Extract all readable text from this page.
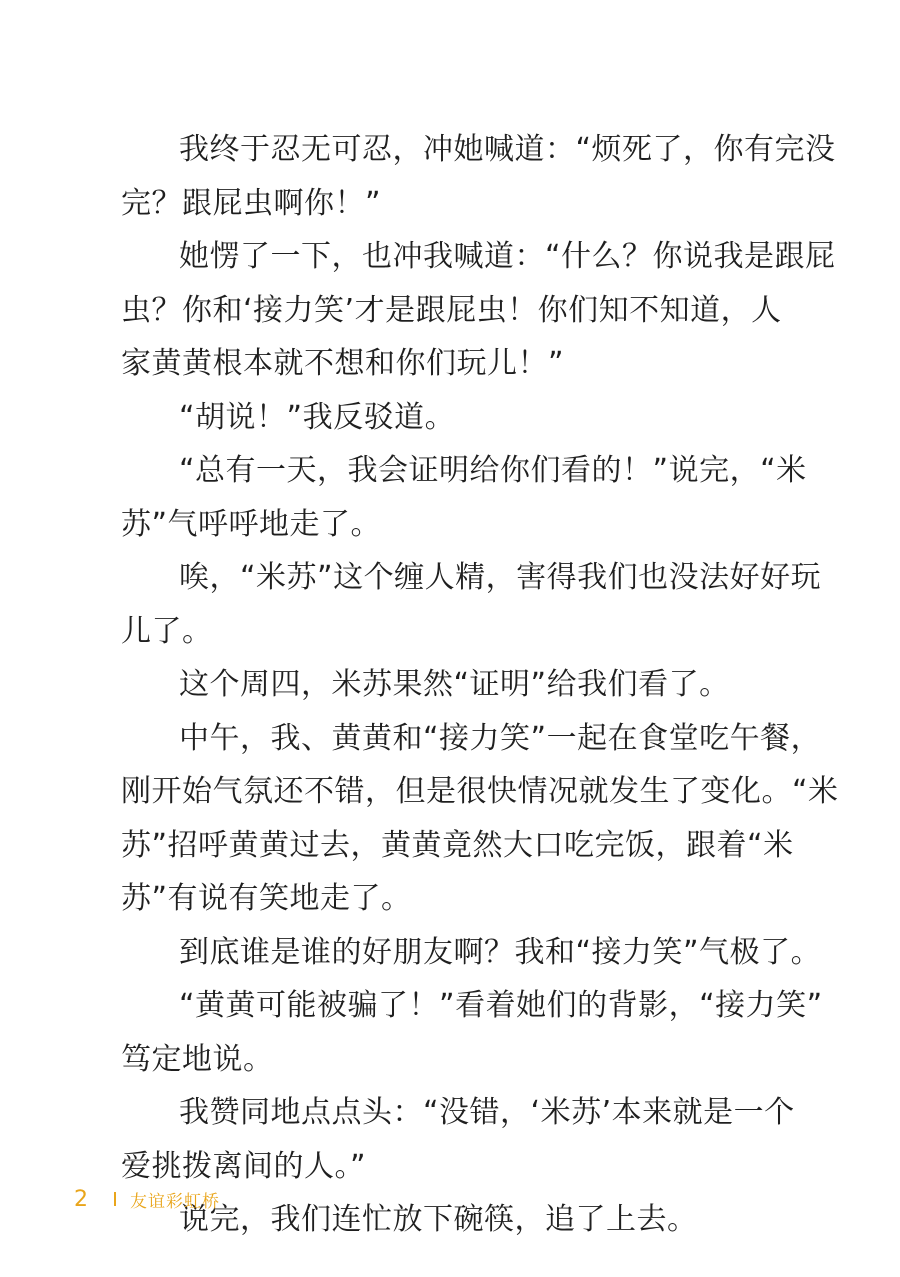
我终于忍无可忍，冲她喊道：“烦死了，你有完没
完？跟屁虫啊你！”
她愣了一下，也冲我喊道：“什么？你说我是跟屁
虫？你和‘接力笑’才是跟屁虫！你们知不知道，人
家黄黄根本就不想和你们玩儿！”
“胡说！”我反驳道。
“总有一天，我会证明给你们看的！”说完，“米
苏”气呼呼地走了。
唉，“米苏”这个缠人精，害得我们也没法好好玩
儿了。
这个周四，米苏果然“证明”给我们看了。
中午，我、黄黄和“接力笑”一起在食堂吃午餐，
刚开始气氛还不错，但是很快情况就发生了变化。“米
苏”招呼黄黄过去，黄黄竟然大口吃完饭，跟着“米
苏”有说有笑地走了。
到底谁是谁的好朋友啊？我和“接力笑”气极了。
“黄黄可能被骗了！”看着她们的背影，“接力笑”
笃定地说。
我赞同地点点头：“没错，‘米苏’本来就是一个
爱挑拨离间的人。”
说完，我们连忙放下碗筷，追了上去。
2 友谊彩虹桥
